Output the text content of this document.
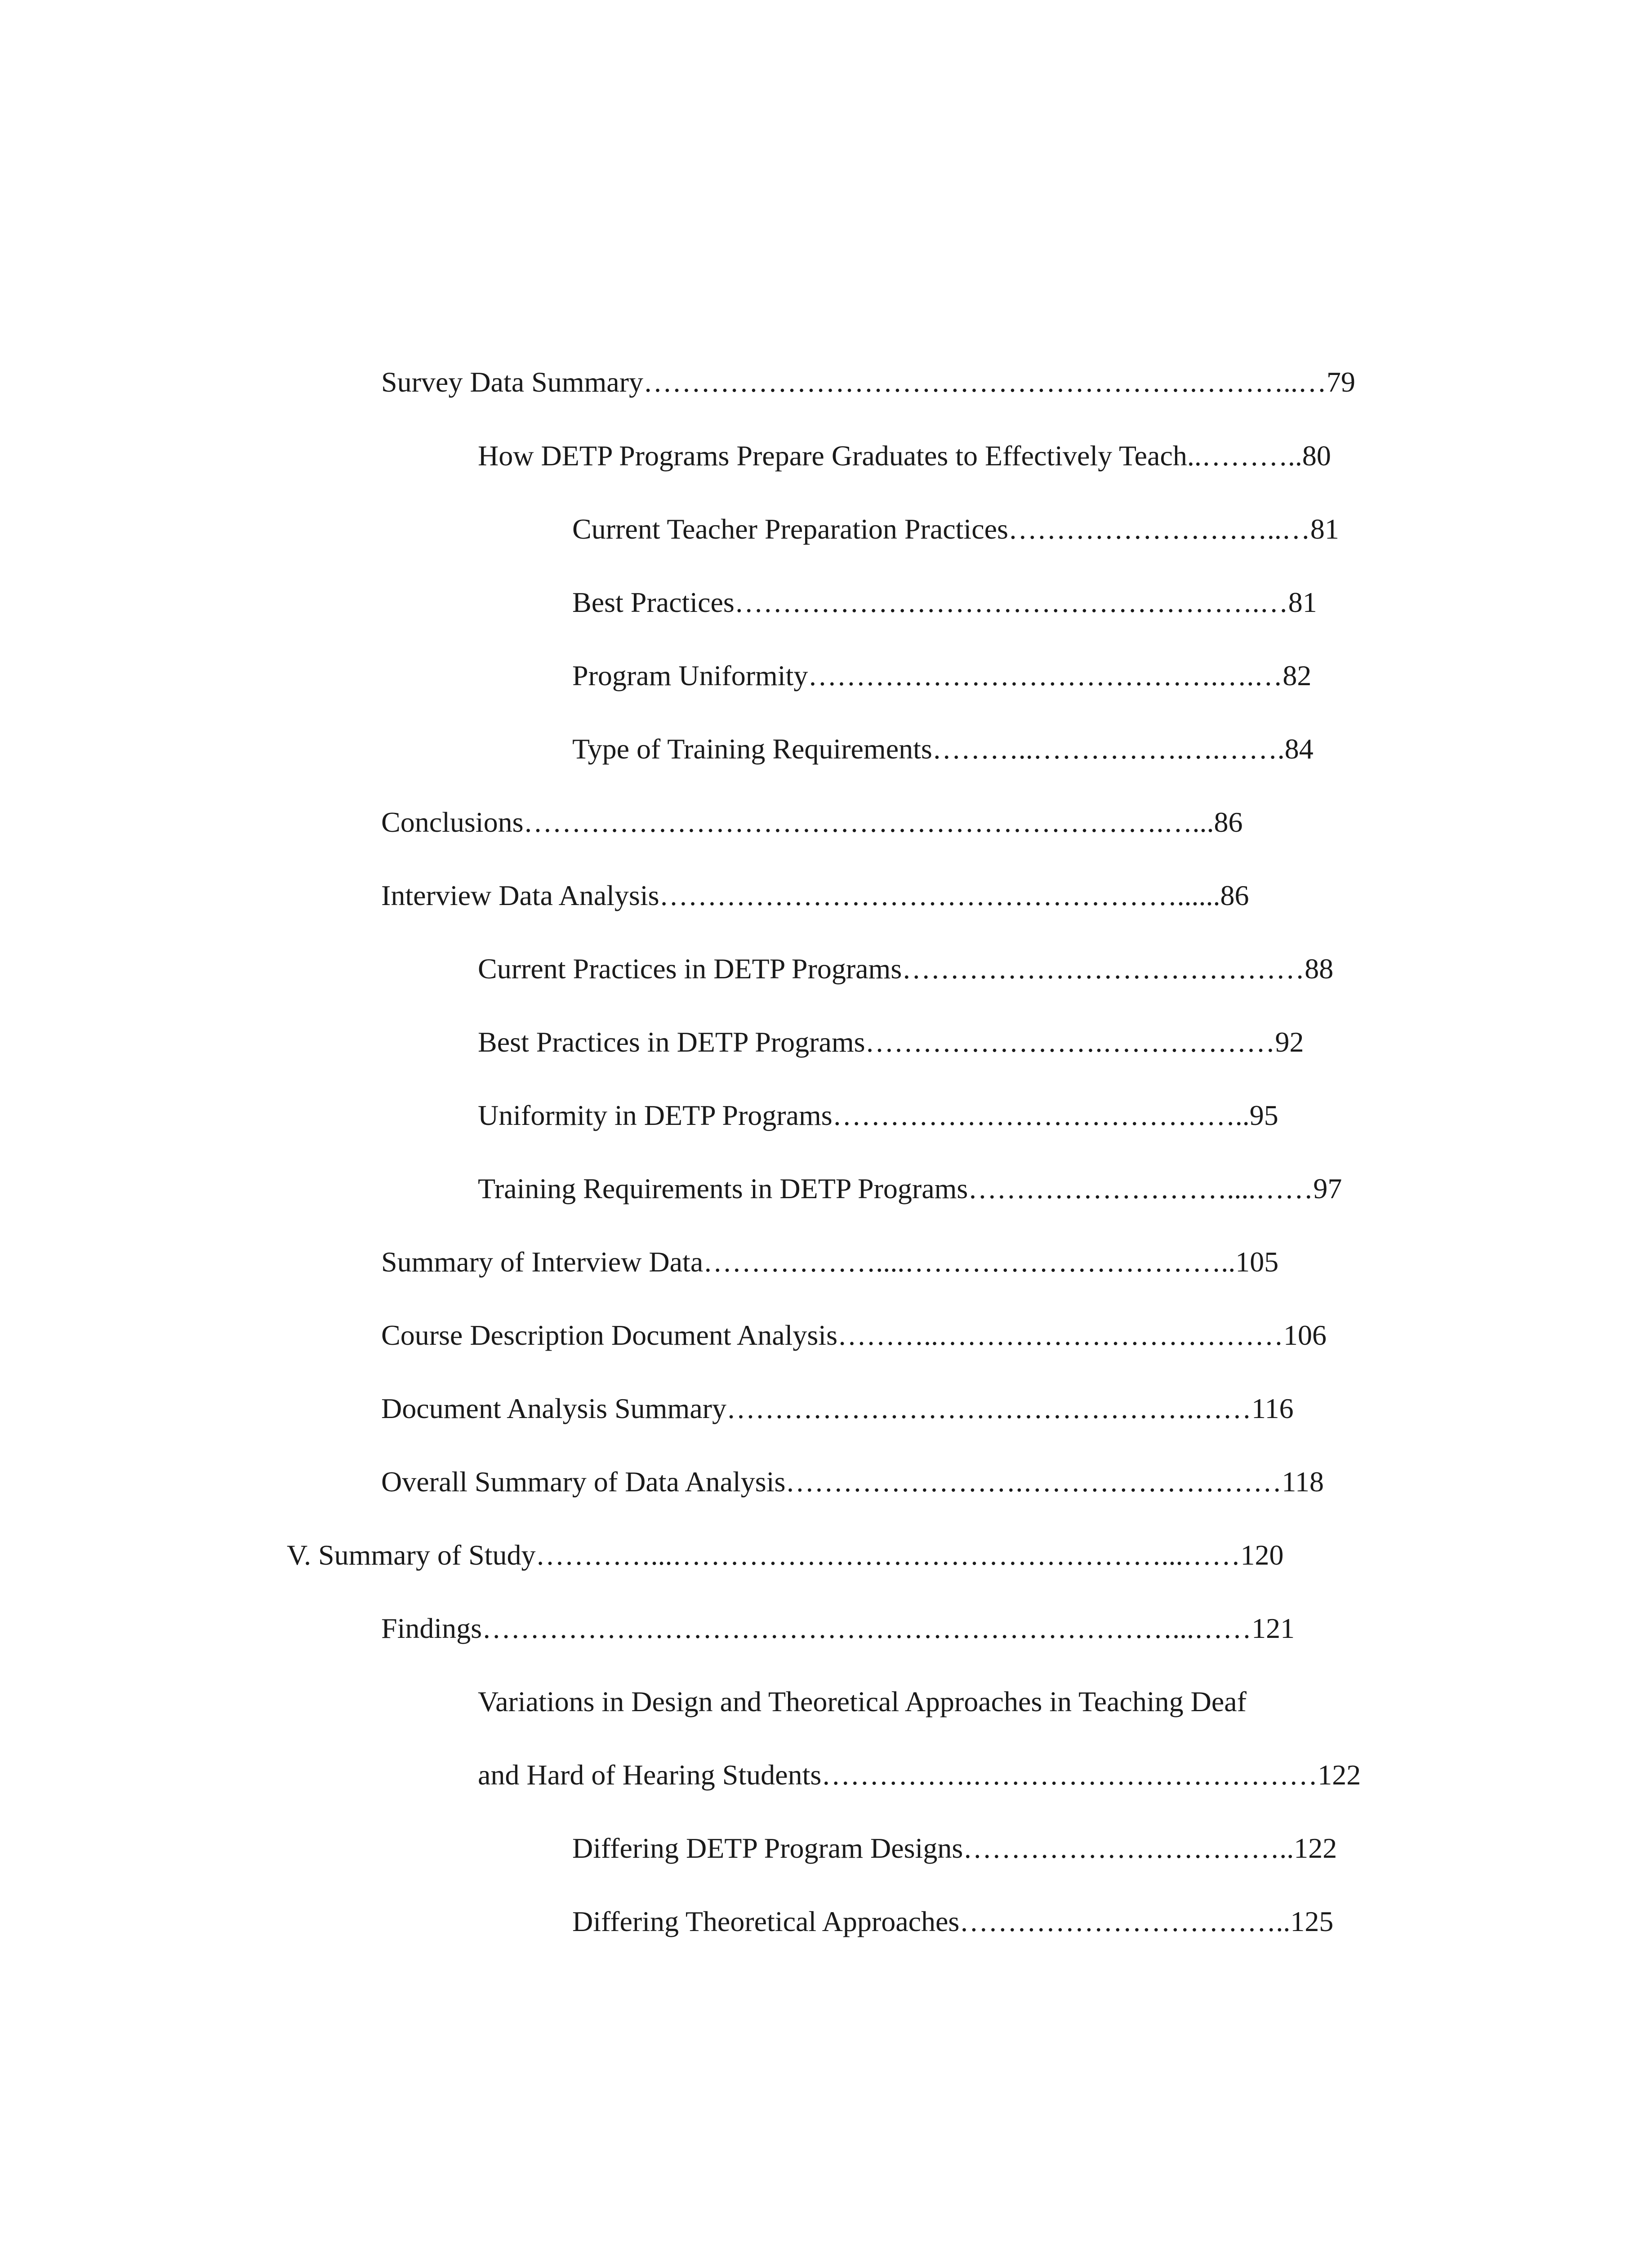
Survey Data Summary………………………………………………….………..…79
How DETP Programs Prepare Graduates to Effectively Teach..………..80
Current Teacher Preparation Practices………………………..…81
Best Practices……………………………………………….…81
Program Uniformity…………………………………….….…82
Type of Training Requirements………..…………….….…….84
Conclusions………………………………………………………….…...86
Interview Data Analysis………………………………………………......86
Current Practices in DETP Programs……………………………………88
Best Practices in DETP Programs…………………….………………92
Uniformity in DETP Programs……………………………………..95
Training Requirements in DETP Programs………………………....……97
Summary of Interview Data………………....……………………………..105
Course Description Document Analysis………..………………………………106
Document Analysis Summary………………………………………….……116
Overall Summary of Data Analysis…………………….………………………118
V. Summary of Study…………...……………………………………………...……120
Findings………………………………………………………………...……121
Variations in Design and Theoretical Approaches in Teaching Deaf
and Hard of Hearing Students…………….………………………………122
Differing DETP Program Designs……………………………..122
Differing Theoretical Approaches……………………………..125
